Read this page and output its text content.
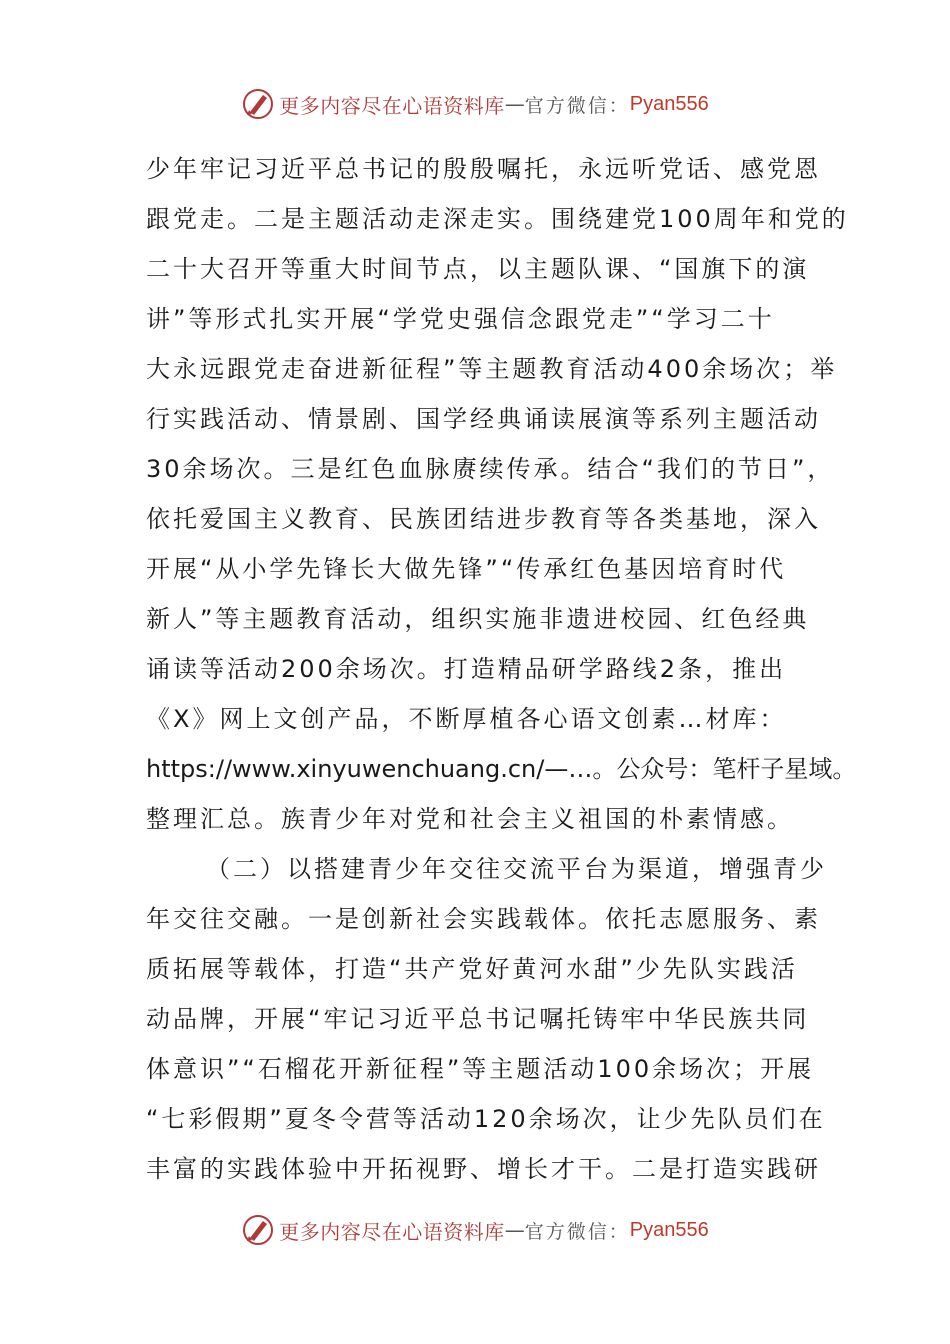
更多内容尽在心语资料库 — 官方微信： Pyan556
少年牢记习近平总书记的殷殷嘱托，永远听党话、感党恩
跟党走。二是主题活动走深走实。围绕建党100周年和党的
二十大召开等重大时间节点，以主题队课、“国旗下的演
讲”等形式扎实开展“学党史强信念跟党走”“学习二十
大永远跟党走奋进新征程”等主题教育活动400余场次；举
行实践活动、情景剧、国学经典诵读展演等系列主题活动
30余场次。三是红色血脉赓续传承。结合“我们的节日”，
依托爱国主义教育、民族团结进步教育等各类基地，深入
开展“从小学先锋长大做先锋”“传承红色基因培育时代
新人”等主题教育活动，组织实施非遗进校园、红色经典
诵读等活动200余场次。打造精品研学路线2条，推出
《X》网上文创产品，不断厚植各心语文创素…材库：
https://www.xinyuwenchuang.cn/—…。公众号：笔杆子星域。
整理汇总。族青少年对党和社会主义祖国的朴素情感。
（二）以搭建青少年交往交流平台为渠道，增强青少
年交往交融。一是创新社会实践载体。依托志愿服务、素
质拓展等载体，打造“共产党好黄河水甜”少先队实践活
动品牌，开展“牢记习近平总书记嘱托铸牢中华民族共同
体意识”“石榴花开新征程”等主题活动100余场次；开展
“七彩假期”夏冬令营等活动120余场次，让少先队员们在
丰富的实践体验中开拓视野、增长才干。二是打造实践研
更多内容尽在心语资料库 — 官方微信： Pyan556
